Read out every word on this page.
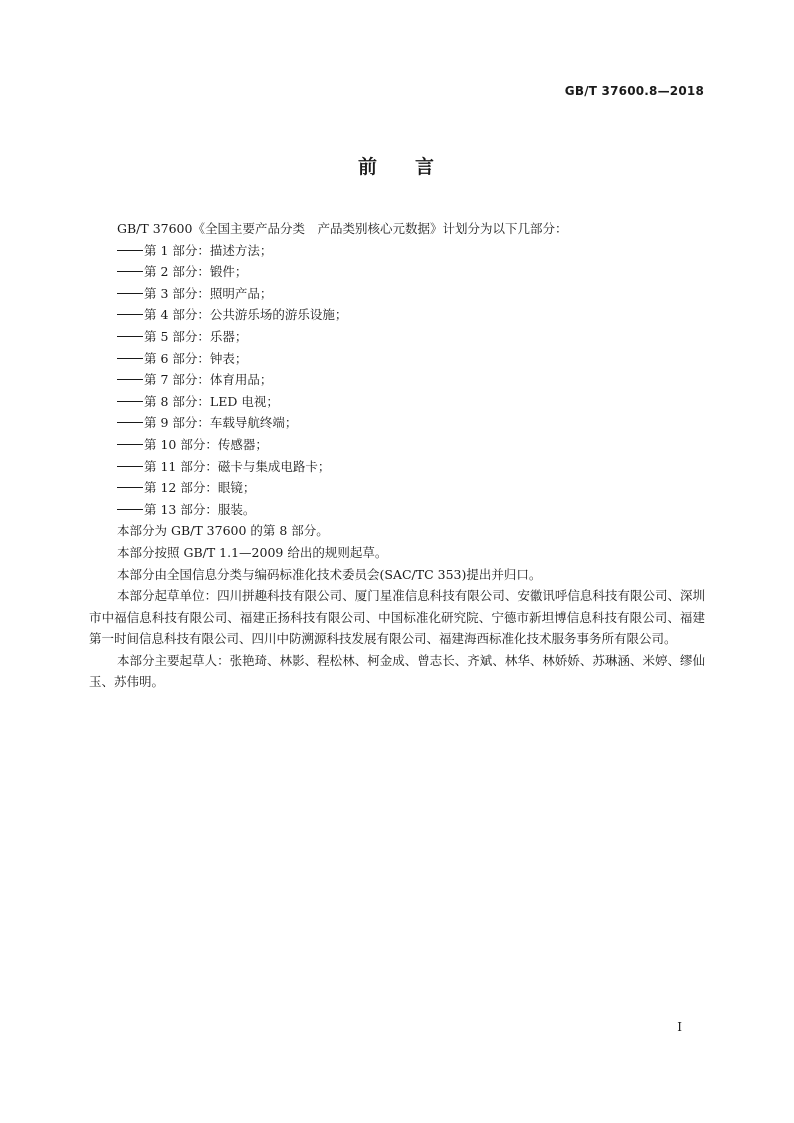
GB/T 37600.8—2018
前 言

GB/T 37600《全国主要产品分类　产品类别核心元数据》计划分为以下几部分：

第 1 部分：描述方法；
第 2 部分：锻件；
第 3 部分：照明产品；
第 4 部分：公共游乐场的游乐设施；
第 5 部分：乐器；
第 6 部分：钟表；
第 7 部分：体育用品；
第 8 部分：LED 电视；
第 9 部分：车载导航终端；
第 10 部分：传感器；
第 11 部分：磁卡与集成电路卡；
第 12 部分：眼镜；
第 13 部分：服装。

本部分为 GB/T 37600 的第 8 部分。

本部分按照 GB/T 1.1—2009 给出的规则起草。

本部分由全国信息分类与编码标准化技术委员会(SAC/TC 353)提出并归口。

本部分起草单位：四川拼趣科技有限公司、厦门星准信息科技有限公司、安徽讯呼信息科技有限公司、深圳市中福信息科技有限公司、福建正扬科技有限公司、中国标准化研究院、宁德市新坦博信息科技有限公司、福建第一时间信息科技有限公司、四川中防溯源科技发展有限公司、福建海西标准化技术服务事务所有限公司。

本部分主要起草人：张艳琦、林影、程松林、柯金成、曾志长、齐斌、林华、林娇娇、苏琳涵、米婷、缪仙玉、苏伟明。

I
